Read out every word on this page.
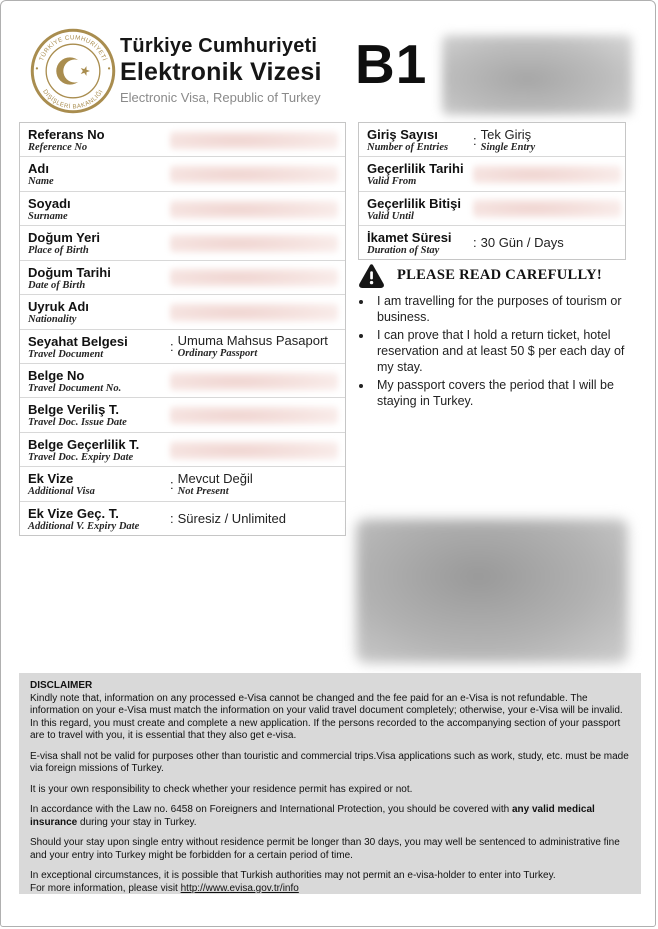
TÜRKİYE CUMHURİYETİ
DIŞİŞLERİ BAKANLIĞI
Türkiye Cumhuriyeti
Elektronik Vizesi
Electronic Visa, Republic of Turkey
B1
Referans No
Reference No
Adı
Name
Soyadı
Surname
Doğum Yeri
Place of Birth
Doğum Tarihi
Date of Birth
Uyruk Adı
Nationality
Seyahat Belgesi
Travel Document	: Umuma Mahsus Pasaport
Ordinary Passport
Belge No
Travel Document No.
Belge Veriliş T.
Travel Doc. Issue Date
Belge Geçerlilik T.
Travel Doc. Expiry Date
Ek Vize
Additional Visa	: Mevcut Değil
Not Present
Ek Vize Geç. T.
Additional V. Expiry Date	: Süresiz / Unlimited
Giriş Sayısı
Number of Entries	: Tek Giriş
Single Entry
Geçerlilik Tarihi
Valid From
Geçerlilik Bitişi
Valid Until
İkamet Süresi
Duration of Stay	: 30 Gün / Days
PLEASE READ CAREFULLY!
• I am travelling for the purposes of tourism or business.
• I can prove that I hold a return ticket, hotel reservation and at least 50 $ per each day of my stay.
• My passport covers the period that I will be staying in Turkey.
DISCLAIMER

Kindly note that, information on any processed e-Visa cannot be changed and the fee paid for an e-Visa is not refundable. The information on your e-Visa must match the information on your valid travel document completely; otherwise, your e-Visa will be invalid. In this regard, you must create and complete a new application. If the persons recorded to the accompanying section of your passport are to travel with you, it is essential that they also get e-visa.

E-visa shall not be valid for purposes other than touristic and commercial trips.Visa applications such as work, study, etc. must be made via foreign missions of Turkey.

It is your own responsibility to check whether your residence permit has expired or not.

In accordance with the Law no. 6458 on Foreigners and International Protection, you should be covered with any valid medical insurance during your stay in Turkey.

Should your stay upon single entry without residence permit be longer than 30 days, you may well be sentenced to administrative fine and your entry into Turkey might be forbidden for a certain period of time.

In exceptional circumstances, it is possible that Turkish authorities may not permit an e-visa-holder to enter into Turkey.
For more information, please visit http://www.evisa.gov.tr/info
